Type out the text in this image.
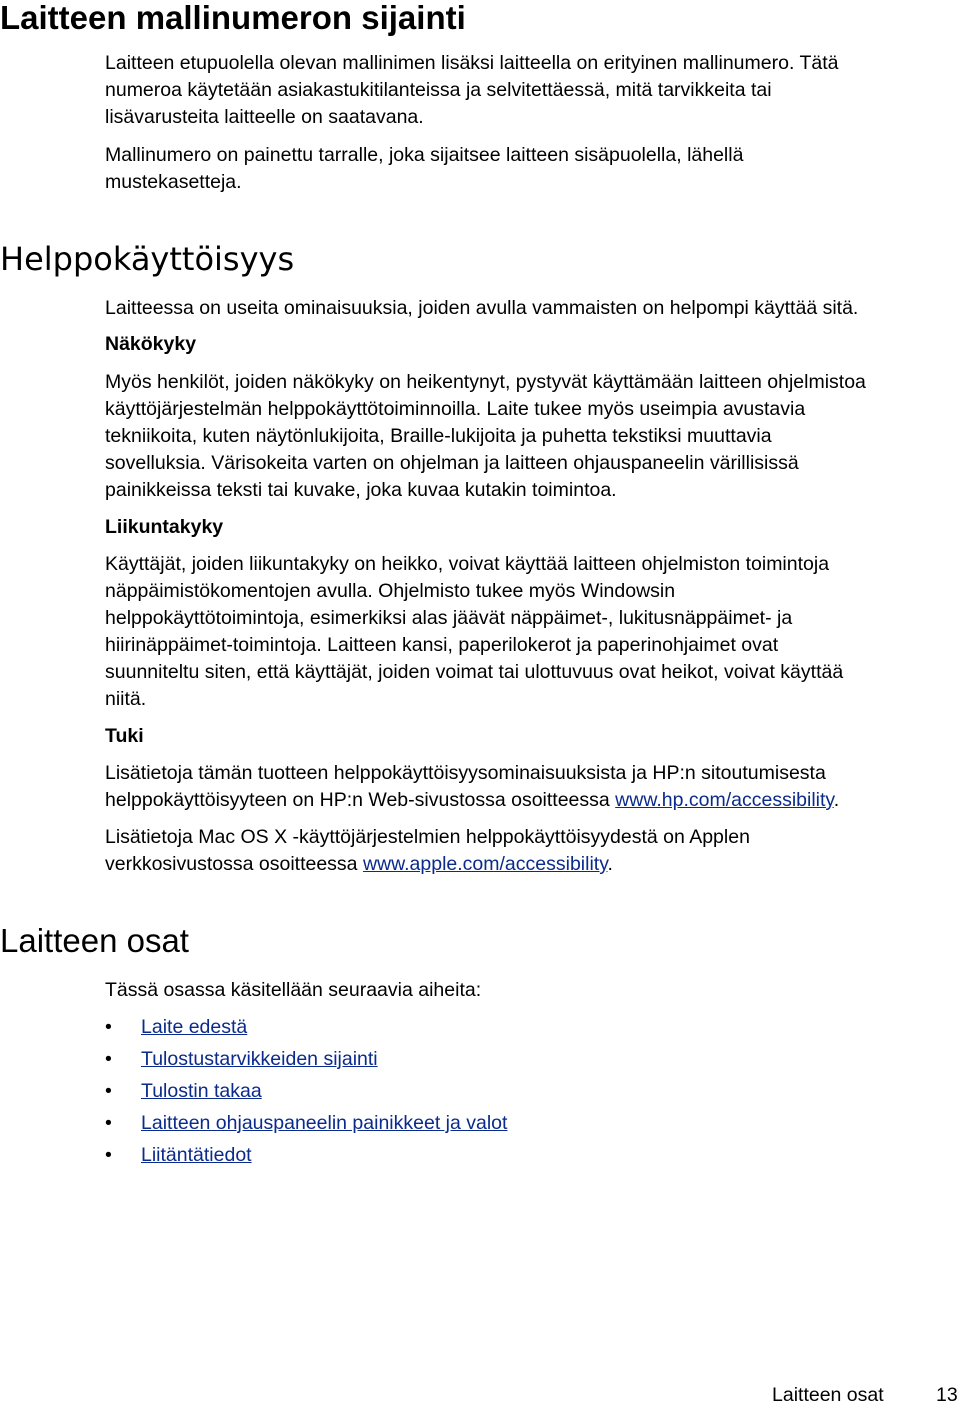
Laitteen mallinumeron sijainti

Laitteen etupuolella olevan mallinimen lisäksi laitteella on erityinen mallinumero. Tätä

numeroa käytetään asiakastukitilanteissa ja selvitettäessä, mitä tarvikkeita tai

lisävarusteita laitteelle on saatavana.

Mallinumero on painettu tarralle, joka sijaitsee laitteen sisäpuolella, lähellä

mustekasetteja.

Helppokäyttöisyys

Laitteessa on useita ominaisuuksia, joiden avulla vammaisten on helpompi käyttää sitä.

Näkökyky

Myös henkilöt, joiden näkökyky on heikentynyt, pystyvät käyttämään laitteen ohjelmistoa

käyttöjärjestelmän helppokäyttötoiminnoilla. Laite tukee myös useimpia avustavia

tekniikoita, kuten näytönlukijoita, Braille-lukijoita ja puhetta tekstiksi muuttavia

sovelluksia. Värisokeita varten on ohjelman ja laitteen ohjauspaneelin värillisissä

painikkeissa teksti tai kuvake, joka kuvaa kutakin toimintoa.

Liikuntakyky

Käyttäjät, joiden liikuntakyky on heikko, voivat käyttää laitteen ohjelmiston toimintoja

näppäimistökomentojen avulla. Ohjelmisto tukee myös Windowsin

helppokäyttötoimintoja, esimerkiksi alas jäävät näppäimet-, lukitusnäppäimet- ja

hiirinäppäimet-toimintoja. Laitteen kansi, paperilokerot ja paperinohjaimet ovat

suunniteltu siten, että käyttäjät, joiden voimat tai ulottuvuus ovat heikot, voivat käyttää

niitä.

Tuki

Lisätietoja tämän tuotteen helppokäyttöisyysominaisuuksista ja HP:n sitoutumisesta

helppokäyttöisyyteen on HP:n Web-sivustossa osoitteessa www.hp.com/accessibility.

Lisätietoja Mac OS X -käyttöjärjestelmien helppokäyttöisyydestä on Applen

verkkosivustossa osoitteessa www.apple.com/accessibility.

Laitteen osat

Tässä osassa käsitellään seuraavia aiheita:

• Laite edestä
• Tulostustarvikkeiden sijainti
• Tulostin takaa
• Laitteen ohjauspaneelin painikkeet ja valot
• Liitäntätiedot
Laitteen osat	13
